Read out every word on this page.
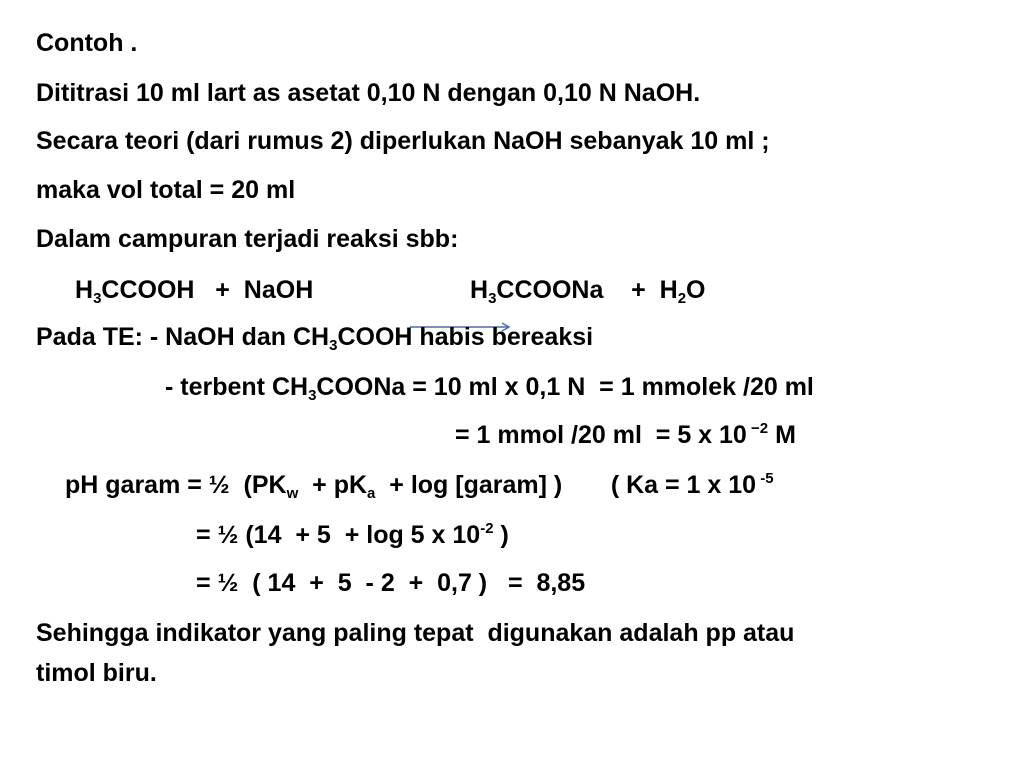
Contoh .
Dititrasi 10 ml lart as asetat 0,10 N dengan 0,10 N NaOH.
Secara teori (dari rumus 2) diperlukan NaOH sebanyak 10 ml ;
maka vol total = 20 ml
Dalam campuran terjadi reaksi sbb:
$H_3CCOOH$   +  NaOH	$H_3CCOONa$    +  $H_2O$
Pada TE: - NaOH dan $CH_3COOH$ habis bereaksi
- terbent $CH_3COONa = 10$ ml x 0,1 N  = 1 mmolek /20 ml
= 1 mmol /20 ml  = 5 x 10 $^{-2}$ M
pH garam = ½  ($PK_w + pK_a + \log$ [garam] )       ( Ka = 1 x 10 $^{-5}$
= ½ (14  + 5  + log 5 x $10^{-2}$ )
= ½  ( 14  +  5  - 2  +  0,7 )   =  8,85
Sehingga indikator yang paling tepat  digunakan adalah pp atau
timol biru.
